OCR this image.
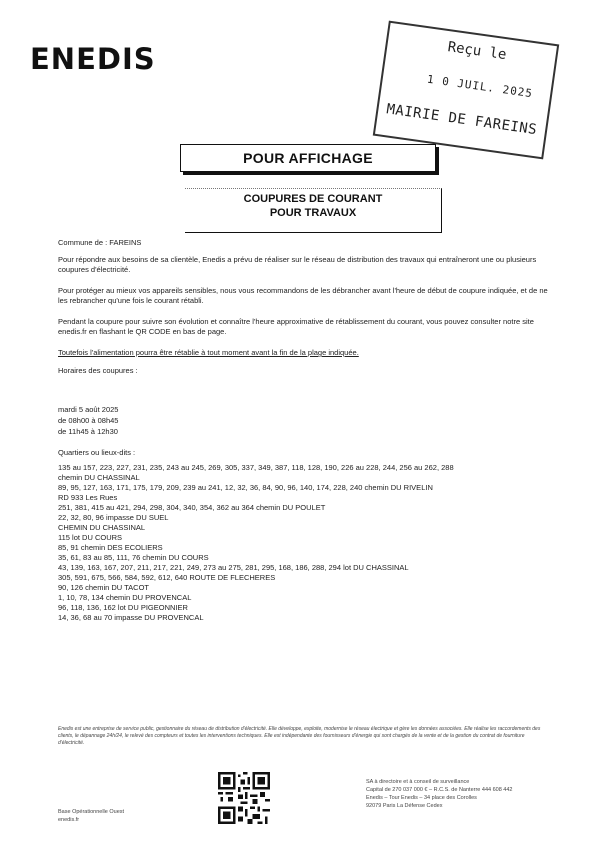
ENEDIS	Reçu le
1 0 JUIL. 2025
MAIRIE DE FAREINS
POUR AFFICHAGE
COUPURES DE COURANT
POUR TRAVAUX
Commune de : FAREINS
Pour répondre aux besoins de sa clientèle, Enedis a prévu de réaliser sur le réseau de distribution des travaux qui entraîneront une ou plusieurs coupures d'électricité.
Pour protéger au mieux vos appareils sensibles, nous vous recommandons de les débrancher avant l'heure de début de coupure indiquée, et de ne les rebrancher qu'une fois le courant rétabli.
Pendant la coupure pour suivre son évolution et connaître l'heure approximative de rétablissement du courant, vous pouvez consulter notre site enedis.fr en flashant le QR CODE en bas de page.
Toutefois l'alimentation pourra être rétablie à tout moment avant la fin de la plage indiquée.
Horaires des coupures :
mardi 5 août 2025
de 08h00 à 08h45
de 11h45 à 12h30
Quartiers ou lieux-dits :
135 au 157, 223, 227, 231, 235, 243 au 245, 269, 305, 337, 349, 387, 118, 128, 190, 226 au 228, 244, 256 au 262, 288
chemin DU CHASSINAL
89, 95, 127, 163, 171, 175, 179, 209, 239 au 241, 12, 32, 36, 84, 90, 96, 140, 174, 228, 240 chemin DU RIVELIN
RD 933 Les Rues
251, 381, 415 au 421, 294, 298, 304, 340, 354, 362 au 364 chemin DU POULET
22, 32, 80, 96 impasse DU SUEL
CHEMIN DU CHASSINAL
115 lot DU COURS
85, 91 chemin DES ECOLIERS
35, 61, 83 au 85, 111, 76 chemin DU COURS
43, 139, 163, 167, 207, 211, 217, 221, 249, 273 au 275, 281, 295, 168, 186, 288, 294 lot DU CHASSINAL
305, 591, 675, 566, 584, 592, 612, 640 ROUTE DE FLECHERES
90, 126 chemin DU TACOT
1, 10, 78, 134 chemin DU PROVENCAL
96, 118, 136, 162 lot DU PIGEONNIER
14, 36, 68 au 70 impasse DU PROVENCAL
Enedis est une entreprise de service public, gestionnaire du réseau de distribution d'électricité. Elle développe, exploite, modernise le réseau électrique et gère les données associées. Elle réalise les raccordements des clients, le dépannage 24h/24, le relevé des compteurs et toutes les interventions techniques. Elle est indépendante des fournisseurs d'énergie qui sont chargés de la vente et de la gestion du contrat de fourniture d'électricité.
Base Opérationnelle Ouest
enedis.fr
SA à directoire et à conseil de surveillance
Capital de 270 037 000 € – R.C.S. de Nanterre 444 608 442
Enedis – Tour Enedis – 34 place des Corolles
92079 Paris La Défense Cedex
